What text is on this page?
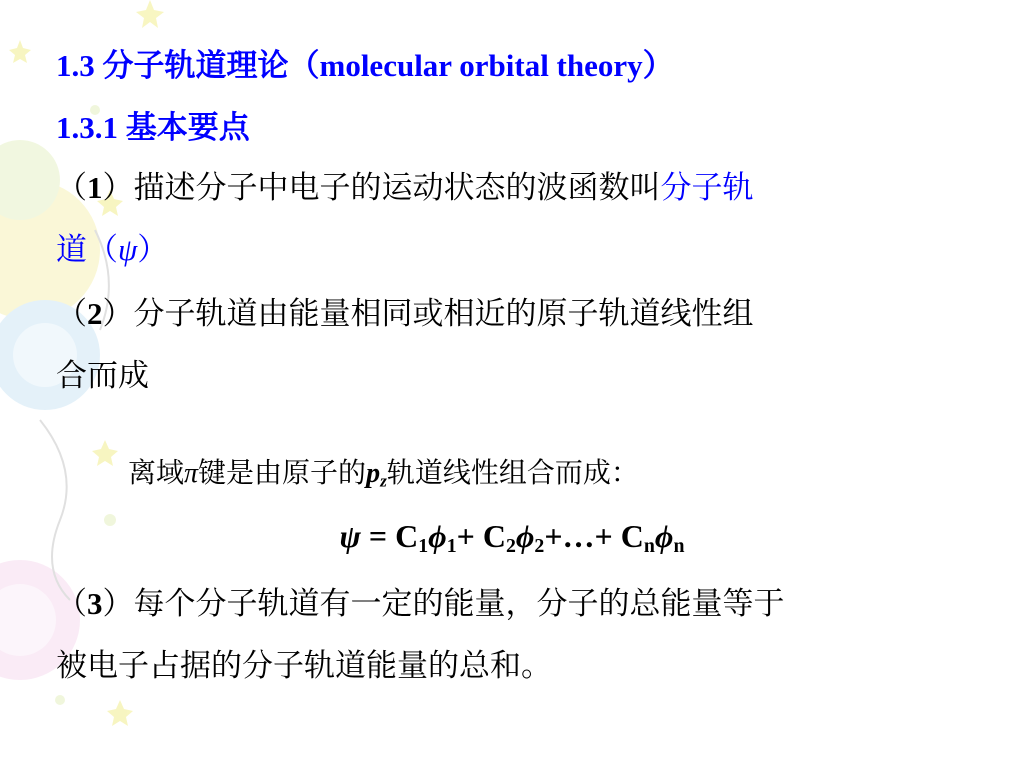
1.3 分子轨道理论（molecular orbital theory）
1.3.1 基本要点
（1）描述分子中电子的运动状态的波函数叫分子轨
道（ψ）
（2）分子轨道由能量相同或相近的原子轨道线性组
合而成
离域π键是由原子的$p_z$轨道线性组合而成：
$\psi = C_1\phi_1+$ $C_2\phi_2+\dots+ C_n\phi_n$
（3）每个分子轨道有一定的能量，分子的总能量等于
被电子占据的分子轨道能量的总和。
